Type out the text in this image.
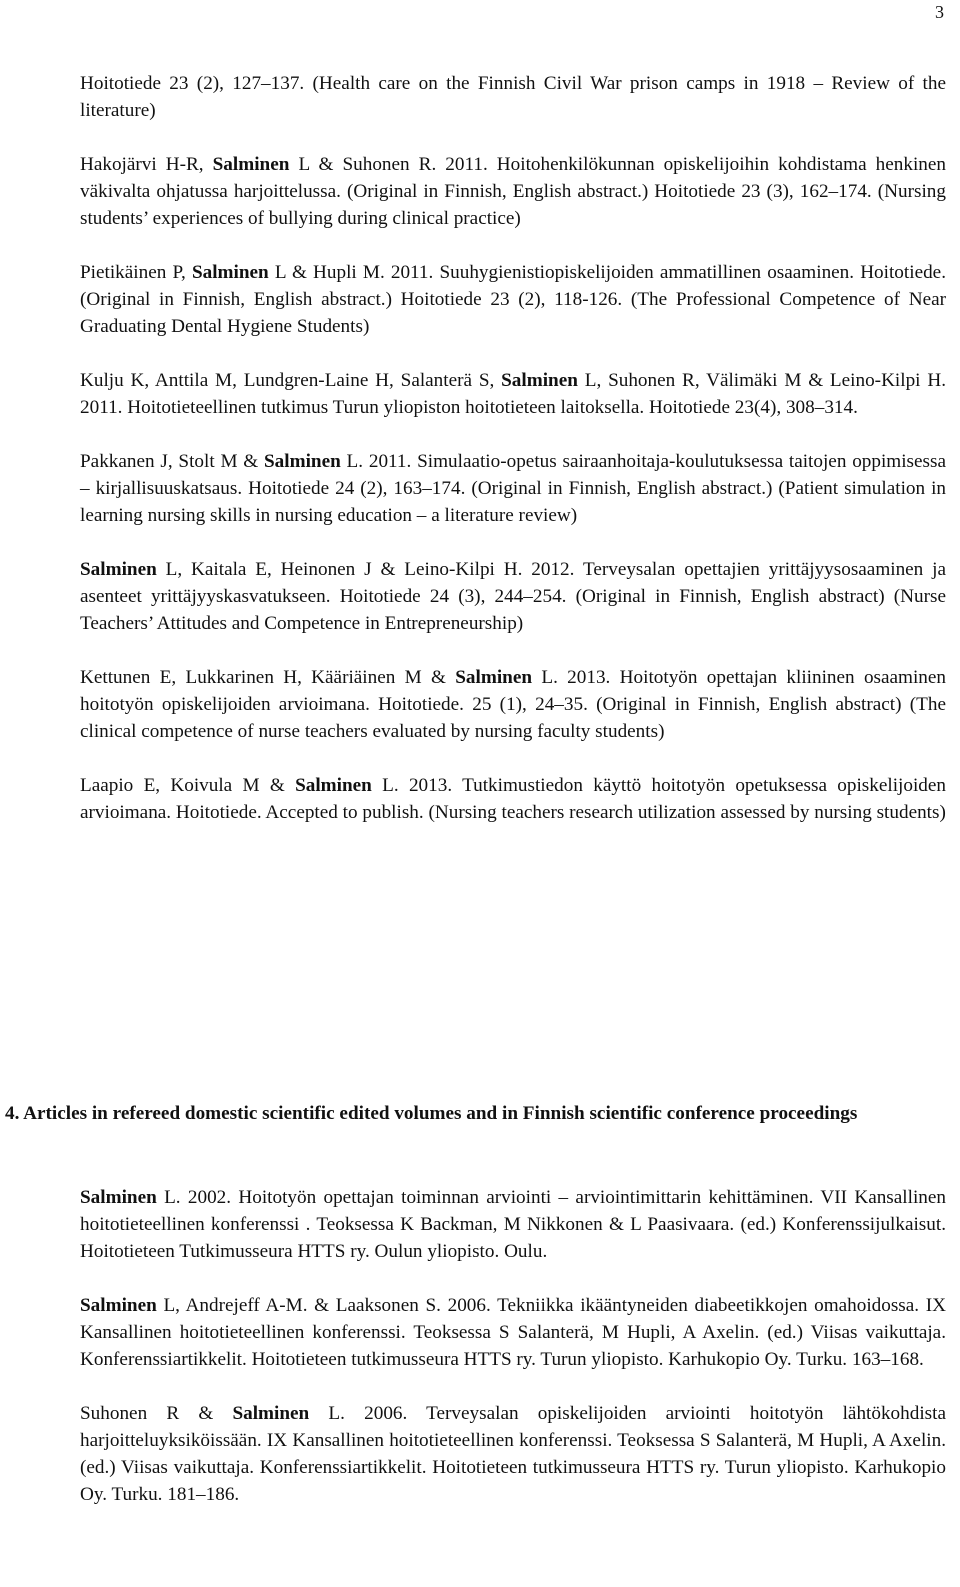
3

Hoitotiede 23 (2), 127–137. (Health care on the Finnish Civil War prison camps in 1918 – Review of the literature)

Hakojärvi H-R, Salminen L & Suhonen R. 2011. Hoitohenkilökunnan opiskelijoihin kohdistama henkinen väkivalta ohjatussa harjoittelussa. (Original in Finnish, English abstract.) Hoitotiede 23 (3), 162–174. (Nursing students’ experiences of bullying during clinical practice)

Pietikäinen P, Salminen L & Hupli M. 2011. Suuhygienistiopiskelijoiden ammatillinen osaaminen. Hoitotiede. (Original in Finnish, English abstract.) Hoitotiede 23 (2), 118-126. (The Professional Competence of Near Graduating Dental Hygiene Students)

Kulju K, Anttila M, Lundgren-Laine H, Salanterä S, Salminen L, Suhonen R, Välimäki M & Leino-Kilpi H. 2011. Hoitotieteellinen tutkimus Turun yliopiston hoitotieteen laitoksella. Hoitotiede 23(4), 308–314.

Pakkanen J, Stolt M & Salminen L. 2011. Simulaatio-opetus sairaanhoitaja-koulutuksessa taitojen oppimisessa – kirjallisuuskatsaus. Hoitotiede 24 (2), 163–174. (Original in Finnish, English abstract.) (Patient simulation in learning nursing skills in nursing education – a literature review)

Salminen L, Kaitala E, Heinonen J & Leino-Kilpi H. 2012. Terveysalan opettajien yrittäjyysosaaminen ja asenteet yrittäjyyskasvatukseen. Hoitotiede 24 (3), 244–254. (Original in Finnish, English abstract) (Nurse Teachers’ Attitudes and Competence in Entrepreneurship)

Kettunen E, Lukkarinen H, Kääriäinen M & Salminen L. 2013. Hoitotyön opettajan kliininen osaaminen hoitotyön opiskelijoiden arvioimana. Hoitotiede. 25 (1), 24–35. (Original in Finnish, English abstract) (The clinical competence of nurse teachers evaluated by nursing faculty students)

Laapio E, Koivula M & Salminen L. 2013. Tutkimustiedon käyttö hoitotyön opetuksessa opiskelijoiden arvioimana. Hoitotiede. Accepted to publish. (Nursing teachers research utilization assessed by nursing students)

4. Articles in refereed domestic scientific edited volumes and in Finnish scientific conference proceedings

Salminen L. 2002. Hoitotyön opettajan toiminnan arviointi – arviointimittarin kehittäminen. VII Kansallinen hoitotieteellinen konferenssi . Teoksessa K Backman, M Nikkonen & L Paasivaara. (ed.) Konferenssijulkaisut. Hoitotieteen Tutkimusseura HTTS ry. Oulun yliopisto. Oulu.

Salminen L, Andrejeff A-M. & Laaksonen S. 2006. Tekniikka ikääntyneiden diabeetikkojen omahoidossa. IX Kansallinen hoitotieteellinen konferenssi. Teoksessa S Salanterä, M Hupli, A Axelin. (ed.) Viisas vaikuttaja. Konferenssiartikkelit. Hoitotieteen tutkimusseura HTTS ry. Turun yliopisto. Karhukopio Oy. Turku. 163–168.

Suhonen R & Salminen L. 2006. Terveysalan opiskelijoiden arviointi hoitotyön lähtökohdista harjoitteluyksiköissään. IX Kansallinen hoitotieteellinen konferenssi. Teoksessa S Salanterä, M Hupli, A Axelin. (ed.) Viisas vaikuttaja. Konferenssiartikkelit. Hoitotieteen tutkimusseura HTTS ry. Turun yliopisto. Karhukopio Oy. Turku. 181–186.
